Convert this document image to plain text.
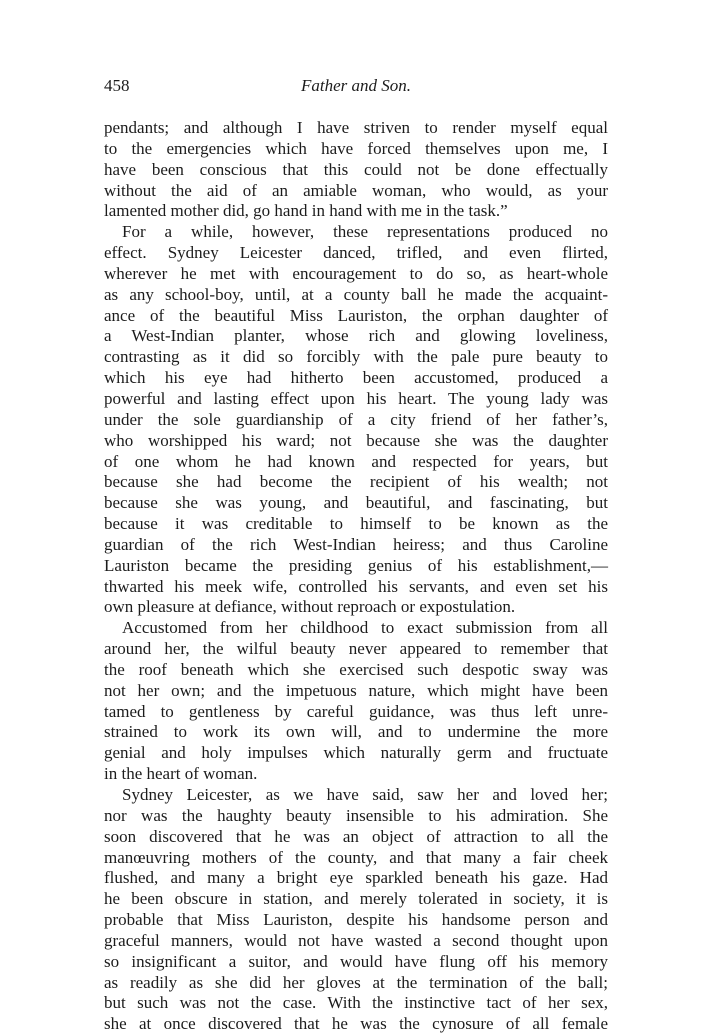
458	Father and Son.
pendants; and although I have striven to render myself equal
to the emergencies which have forced themselves upon me, I
have been conscious that this could not be done effectually
without the aid of an amiable woman, who would, as your
lamented mother did, go hand in hand with me in the task.”
For a while, however, these representations produced no
effect. Sydney Leicester danced, trifled, and even flirted,
wherever he met with encouragement to do so, as heart-whole
as any school-boy, until, at a county ball he made the acquaint-
ance of the beautiful Miss Lauriston, the orphan daughter of
a West-Indian planter, whose rich and glowing loveliness,
contrasting as it did so forcibly with the pale pure beauty to
which his eye had hitherto been accustomed, produced a
powerful and lasting effect upon his heart. The young lady was
under the sole guardianship of a city friend of her father’s,
who worshipped his ward; not because she was the daughter
of one whom he had known and respected for years, but
because she had become the recipient of his wealth; not
because she was young, and beautiful, and fascinating, but
because it was creditable to himself to be known as the
guardian of the rich West-Indian heiress; and thus Caroline
Lauriston became the presiding genius of his establishment,—
thwarted his meek wife, controlled his servants, and even set his
own pleasure at defiance, without reproach or expostulation.
Accustomed from her childhood to exact submission from all
around her, the wilful beauty never appeared to remember that
the roof beneath which she exercised such despotic sway was
not her own; and the impetuous nature, which might have been
tamed to gentleness by careful guidance, was thus left unre-
strained to work its own will, and to undermine the more
genial and holy impulses which naturally germ and fructuate
in the heart of woman.
Sydney Leicester, as we have said, saw her and loved her;
nor was the haughty beauty insensible to his admiration. She
soon discovered that he was an object of attraction to all the
manœuvring mothers of the county, and that many a fair cheek
flushed, and many a bright eye sparkled beneath his gaze. Had
he been obscure in station, and merely tolerated in society, it is
probable that Miss Lauriston, despite his handsome person and
graceful manners, would not have wasted a second thought upon
so insignificant a suitor, and would have flung off his memory
as readily as she did her gloves at the termination of the ball;
but such was not the case. With the instinctive tact of her sex,
she at once discovered that he was the cynosure of all female
